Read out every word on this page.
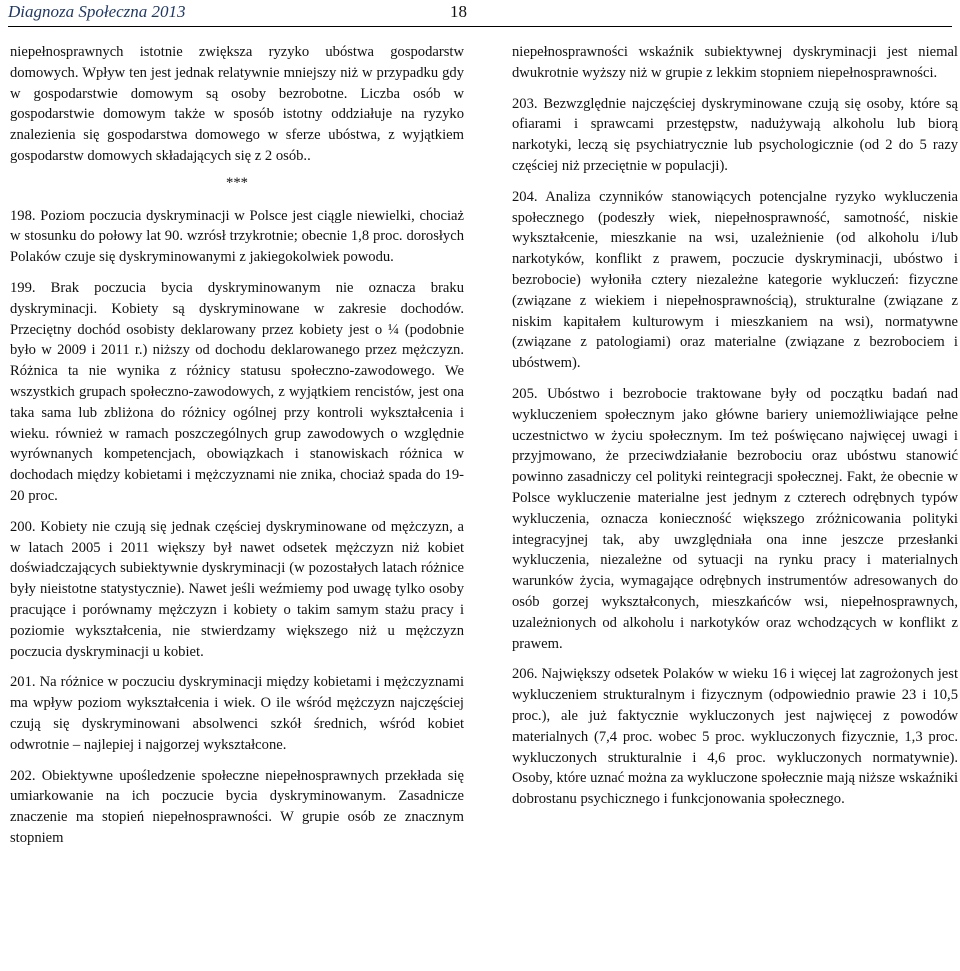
Diagnoza Społeczna 2013	18

niepełnosprawnych istotnie zwiększa ryzyko ubóstwa gospodarstw domowych. Wpływ ten jest jednak relatywnie mniejszy niż w przypadku gdy w gospodarstwie domowym są osoby bezrobotne. Liczba osób w gospodarstwie domowym także w sposób istotny oddziałuje na ryzyko znalezienia się gospodarstwa domowego w sferze ubóstwa, z wyjątkiem gospodarstw domowych składających się z 2 osób..

***

198. Poziom poczucia dyskryminacji w Polsce jest ciągle niewielki, chociaż w stosunku do połowy lat 90. wzrósł trzykrotnie; obecnie 1,8 proc. dorosłych Polaków czuje się dyskryminowanymi z jakiegokolwiek powodu.

199. Brak poczucia bycia dyskryminowanym nie oznacza braku dyskryminacji. Kobiety są dyskryminowane w zakresie dochodów. Przeciętny dochód osobisty deklarowany przez kobiety jest o ¼ (podobnie było w 2009 i 2011 r.) niższy od dochodu deklarowanego przez mężczyzn. Różnica ta nie wynika z różnicy statusu społeczno-zawodowego. We wszystkich grupach społeczno-zawodowych, z wyjątkiem rencistów, jest ona taka sama lub zbliżona do różnicy ogólnej przy kontroli wykształcenia i wieku. również w ramach poszczególnych grup zawodowych o względnie wyrównanych kompetencjach, obowiązkach i stanowiskach różnica w dochodach między kobietami i mężczyznami nie znika, chociaż spada do 19-20 proc.

200. Kobiety nie czują się jednak częściej dyskryminowane od mężczyzn, a w latach 2005 i 2011 większy był nawet odsetek mężczyzn niż kobiet doświadczających subiektywnie dyskryminacji (w pozostałych latach różnice były nieistotne statystycznie). Nawet jeśli weźmiemy pod uwagę tylko osoby pracujące i porównamy mężczyzn i kobiety o takim samym stażu pracy i poziomie wykształcenia, nie stwierdzamy większego niż u mężczyzn poczucia dyskryminacji u kobiet.

201. Na różnice w poczuciu dyskryminacji między kobietami i mężczyznami ma wpływ poziom wykształcenia i wiek. O ile wśród mężczyzn najczęściej czują się dyskryminowani absolwenci szkół średnich, wśród kobiet odwrotnie – najlepiej i najgorzej wykształcone.

202. Obiektywne upośledzenie społeczne niepełnosprawnych przekłada się umiarkowanie na ich poczucie bycia dyskryminowanym. Zasadnicze znaczenie ma stopień niepełnosprawności. W grupie osób ze znacznym stopniem

niepełnosprawności wskaźnik subiektywnej dyskryminacji jest niemal dwukrotnie wyższy niż w grupie z lekkim stopniem niepełnosprawności.

203. Bezwzględnie najczęściej dyskryminowane czują się osoby, które są ofiarami i sprawcami przestępstw, nadużywają alkoholu lub biorą narkotyki, leczą się psychiatrycznie lub psychologicznie (od 2 do 5 razy częściej niż przeciętnie w populacji).

204. Analiza czynników stanowiących potencjalne ryzyko wykluczenia społecznego (podeszły wiek, niepełnosprawność, samotność, niskie wykształcenie, mieszkanie na wsi, uzależnienie (od alkoholu i/lub narkotyków, konflikt z prawem, poczucie dyskryminacji, ubóstwo i bezrobocie) wyłoniła cztery niezależne kategorie wykluczeń: fizyczne (związane z wiekiem i niepełnosprawnością), strukturalne (związane z niskim kapitałem kulturowym i mieszkaniem na wsi), normatywne (związane z patologiami) oraz materialne (związane z bezrobociem i ubóstwem).

205. Ubóstwo i bezrobocie traktowane były od początku badań nad wykluczeniem społecznym jako główne bariery uniemożliwiające pełne uczestnictwo w życiu społecznym. Im też poświęcano najwięcej uwagi i przyjmowano, że przeciwdziałanie bezrobociu oraz ubóstwu stanowić powinno zasadniczy cel polityki reintegracji społecznej. Fakt, że obecnie w Polsce wykluczenie materialne jest jednym z czterech odrębnych typów wykluczenia, oznacza konieczność większego zróżnicowania polityki integracyjnej tak, aby uwzględniała ona inne jeszcze przesłanki wykluczenia, niezależne od sytuacji na rynku pracy i materialnych warunków życia, wymagające odrębnych instrumentów adresowanych do osób gorzej wykształconych, mieszkańców wsi, niepełnosprawnych, uzależnionych od alkoholu i narkotyków oraz wchodzących w konflikt z prawem.

206. Największy odsetek Polaków w wieku 16 i więcej lat zagrożonych jest wykluczeniem strukturalnym i fizycznym (odpowiednio prawie 23 i 10,5 proc.), ale już faktycznie wykluczonych jest najwięcej z powodów materialnych (7,4 proc. wobec 5 proc. wykluczonych fizycznie, 1,3 proc. wykluczonych strukturalnie i 4,6 proc. wykluczonych normatywnie). Osoby, które uznać można za wykluczone społecznie mają niższe wskaźniki dobrostanu psychicznego i funkcjonowania społecznego.
